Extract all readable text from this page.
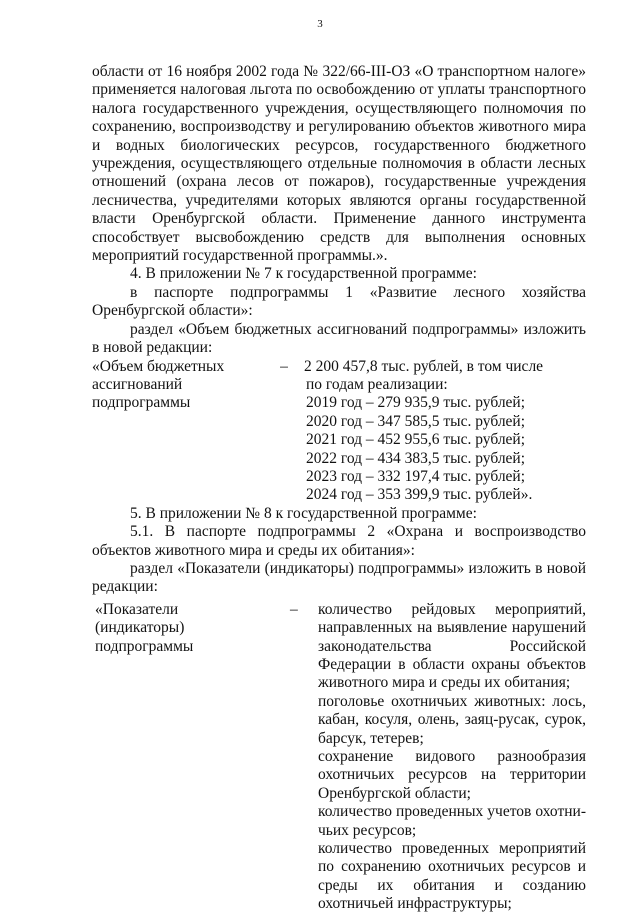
3

области от 16 ноября 2002 года № 322/66-III-ОЗ «О транспортном налоге» применяется налоговая льгота по освобождению от уплаты транспортного налога государственного учреждения, осуществляющего полномочия по сохранению, воспроизводству и регулированию объектов животного мира и водных биологических ресурсов, государственного бюджетного учреждения, осуществляющего отдельные полномочия в области лесных отношений (охрана лесов от пожаров), государственные учреждения лесничества, учредителями которых являются органы государственной власти Оренбургской области. Применение данного инструмента способствует высвобождению средств для выполнения основных мероприятий государственной программы.».

4. В приложении № 7 к государственной программе:

в паспорте подпрограммы 1 «Развитие лесного хозяйства Оренбургской области»:

раздел «Объем бюджетных ассигнований подпрограммы» изложить в новой редакции:

«Объем бюджетных
ассигнований
подпрограммы
–	2 200 457,8 тыс. рублей, в том числе
по годам реализации:
2019 год – 279 935,9 тыс. рублей;
2020 год – 347 585,5 тыс. рублей;
2021 год – 452 955,6 тыс. рублей;
2022 год – 434 383,5 тыс. рублей;
2023 год – 332 197,4 тыс. рублей;
2024 год – 353 399,9 тыс. рублей».

5. В приложении № 8 к государственной программе:

5.1. В паспорте подпрограммы 2 «Охрана и воспроизводство объектов животного мира и среды их обитания»:

раздел «Показатели (индикаторы) подпрограммы» изложить в новой редакции:

«Показатели
(индикаторы)
подпрограммы
–	количество рейдовых мероприятий, направленных на выявление нарушений законодательства Российской Федерации в области охраны объектов животного мира и среды их обитания;
поголовье охотничьих животных: лось, кабан, косуля, олень, заяц-русак, сурок, барсук, тетерев;
сохранение видового разнообразия охотничьих ресурсов на территории Оренбургской области;
количество проведенных учетов охотничьих ресурсов;
количество проведенных мероприятий по сохранению охотничьих ресурсов и среды их обитания и созданию охотничьей инфраструктуры;
